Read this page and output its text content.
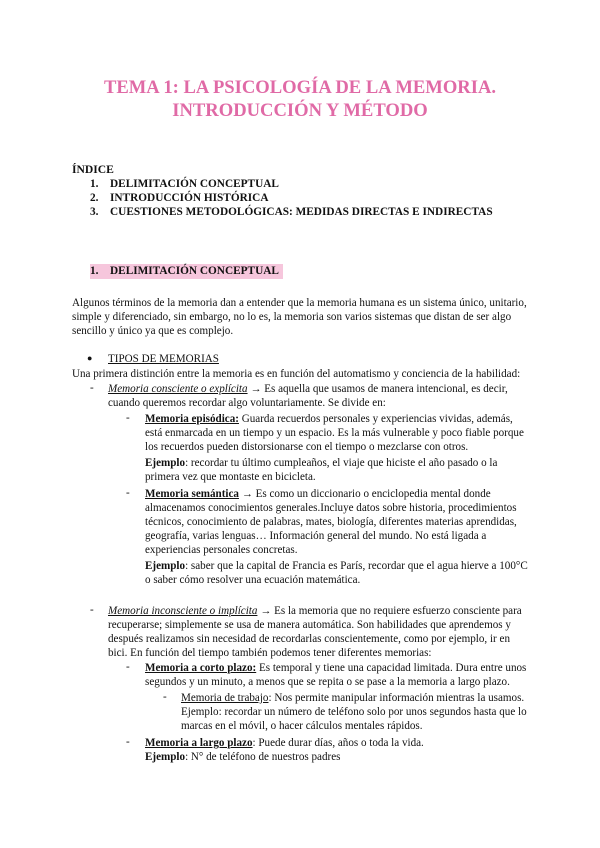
TEMA 1: LA PSICOLOGÍA DE LA MEMORIA.
INTRODUCCIÓN Y MÉTODO
ÍNDICE
1. DELIMITACIÓN CONCEPTUAL
2. INTRODUCCIÓN HISTÓRICA
3. CUESTIONES METODOLÓGICAS: MEDIDAS DIRECTAS E INDIRECTAS
1. DELIMITACIÓN CONCEPTUAL
Algunos términos de la memoria dan a entender que la memoria humana es un sistema único, unitario,
simple y diferenciado, sin embargo, no lo es, la memoria son varios sistemas que distan de ser algo
sencillo y único ya que es complejo.
● TIPOS DE MEMORIAS
Una primera distinción entre la memoria es en función del automatismo y conciencia de la habilidad:
- Memoria consciente o explícita → Es aquella que usamos de manera intencional, es decir,
cuando queremos recordar algo voluntariamente. Se divide en:
- Memoria episódica: Guarda recuerdos personales y experiencias vividas, además,
está enmarcada en un tiempo y un espacio. Es la más vulnerable y poco fiable porque
los recuerdos pueden distorsionarse con el tiempo o mezclarse con otros.
Ejemplo: recordar tu último cumpleaños, el viaje que hiciste el año pasado o la
primera vez que montaste en bicicleta.
- Memoria semántica → Es como un diccionario o enciclopedia mental donde
almacenamos conocimientos generales.Incluye datos sobre historia, procedimientos
técnicos, conocimiento de palabras, mates, biología, diferentes materias aprendidas,
geografía, varias lenguas… Información general del mundo. No está ligada a
experiencias personales concretas.
Ejemplo: saber que la capital de Francia es París, recordar que el agua hierve a 100°C
o saber cómo resolver una ecuación matemática.
- Memoria inconsciente o implícita → Es la memoria que no requiere esfuerzo consciente para
recuperarse; simplemente se usa de manera automática. Son habilidades que aprendemos y
después realizamos sin necesidad de recordarlas conscientemente, como por ejemplo, ir en
bici. En función del tiempo también podemos tener diferentes memorias:
- Memoria a corto plazo: Es temporal y tiene una capacidad limitada. Dura entre unos
segundos y un minuto, a menos que se repita o se pase a la memoria a largo plazo.
- Memoria de trabajo: Nos permite manipular información mientras la usamos.
Ejemplo: recordar un número de teléfono solo por unos segundos hasta que lo
marcas en el móvil, o hacer cálculos mentales rápidos.
- Memoria a largo plazo: Puede durar días, años o toda la vida.
Ejemplo: N° de teléfono de nuestros padres
